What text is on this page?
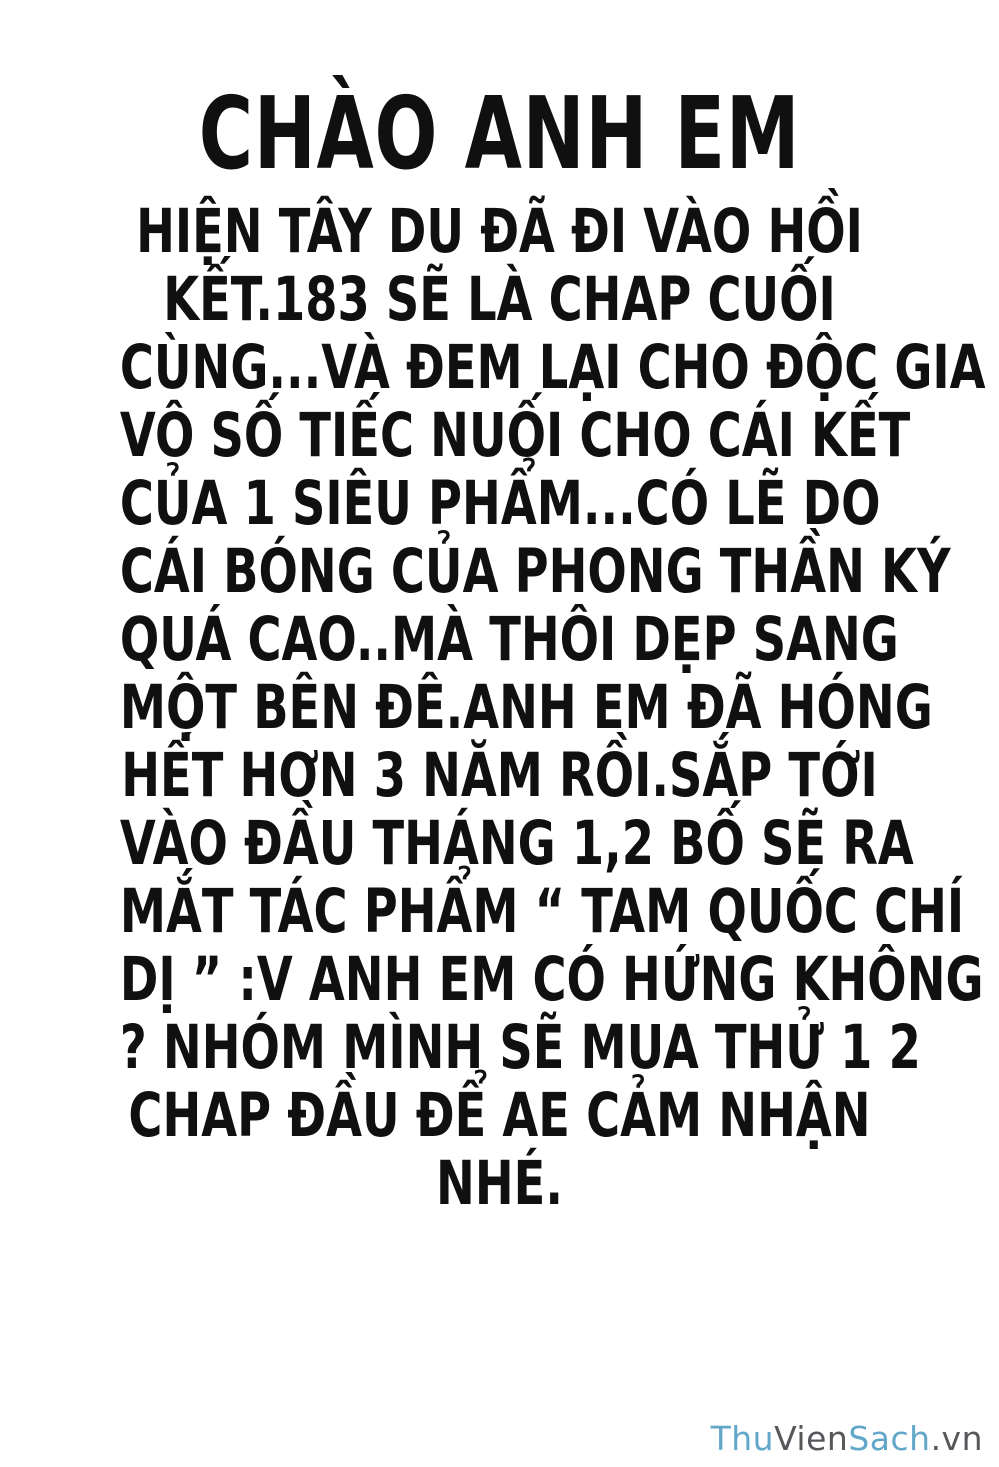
CHÀO ANH EM
HIỆN TÂY DU ĐÃ ĐI VÀO HỒI
KẾT.183 SẼ LÀ CHAP CUỐI
CÙNG...VÀ ĐEM LẠI CHO ĐỘC GIA
VÔ SỐ TIẾC NUỐI CHO CÁI KẾT
CỦA 1 SIÊU PHẨM...CÓ LẼ DO
CÁI BÓNG CỦA PHONG THẦN KÝ
QUÁ CAO..MÀ THÔI DẸP SANG
MỘT BÊN ĐÊ.ANH EM ĐÃ HÓNG
HẾT HƠN 3 NĂM RỒI.SẮP TỚI
VÀO ĐẦU THÁNG 1,2 BỐ SẼ RA
MẮT TÁC PHẨM “ TAM QUỐC CHÍ
DỊ ” :V ANH EM CÓ HỨNG KHÔNG
? NHÓM MÌNH SẼ MUA THỬ 1 2
CHAP ĐẦU ĐỂ AE CẢM NHẬN
NHÉ.
ThuVienSach.vn
